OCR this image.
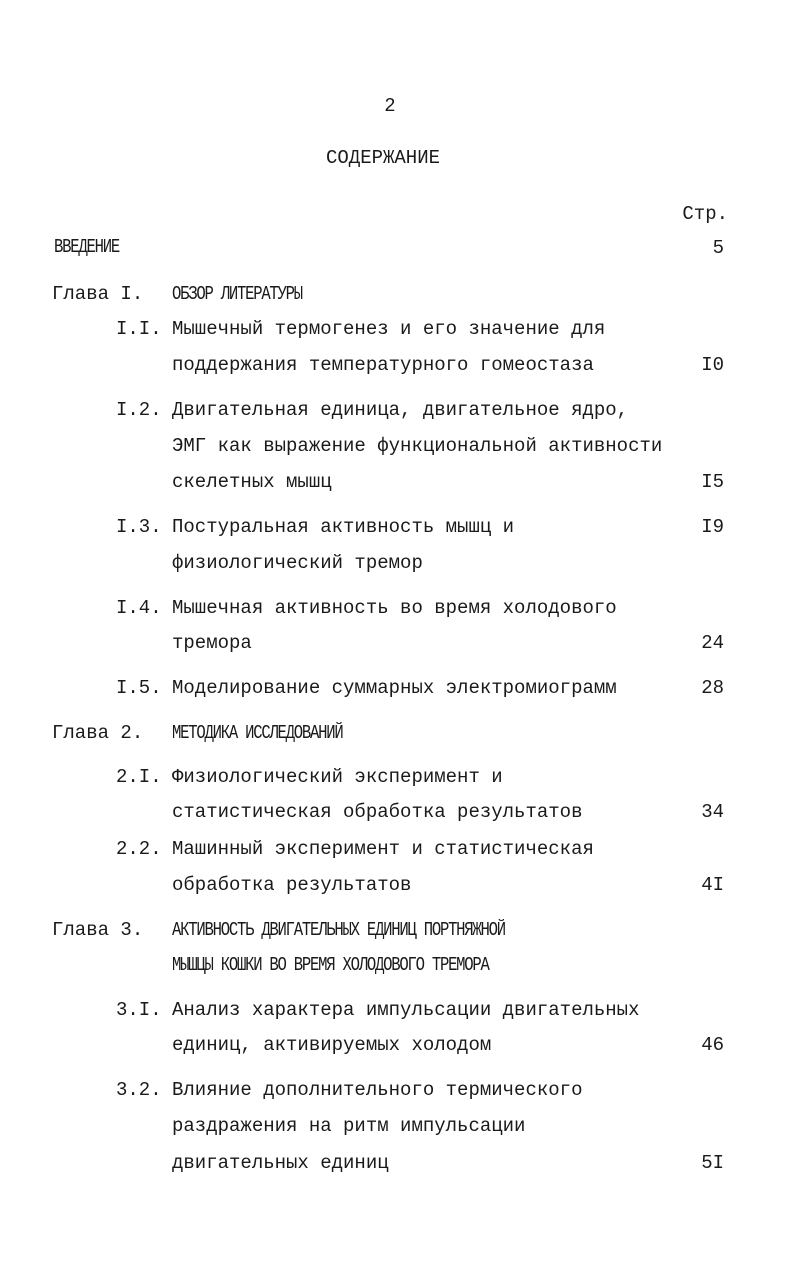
2
СОДЕРЖАНИЕ
Стр.
ВВЕДЕНИЕ	5
Глава I. ОБЗОР ЛИТЕРАТУРЫ
I.I. Мышечный термогенез и его значение для
поддержания температурного гомеостаза	I0
I.2. Двигательная единица, двигательное ядро,
ЭМГ как выражение функциональной активности
скелетных мышц	I5
I.3. Постуральная активность мышц и	I9
физиологический тремор
I.4. Мышечная активность во время холодового
тремора	24
I.5. Моделирование суммарных электромиограмм	28
Глава 2. МЕТОДИКА ИССЛЕДОВАНИЙ
2.I. Физиологический эксперимент и
статистическая обработка результатов	34
2.2. Машинный эксперимент и статистическая
обработка результатов	4I
Глава 3. АКТИВНОСТЬ ДВИГАТЕЛЬНЫХ ЕДИНИЦ ПОРТНЯЖНОЙ
МЫШЦЫ КОШКИ ВО ВРЕМЯ ХОЛОДОВОГО ТРЕМОРА
3.I. Анализ характера импульсации двигательных
единиц, активируемых холодом	46
3.2. Влияние дополнительного термического
раздражения на ритм импульсации
двигательных единиц	5I
